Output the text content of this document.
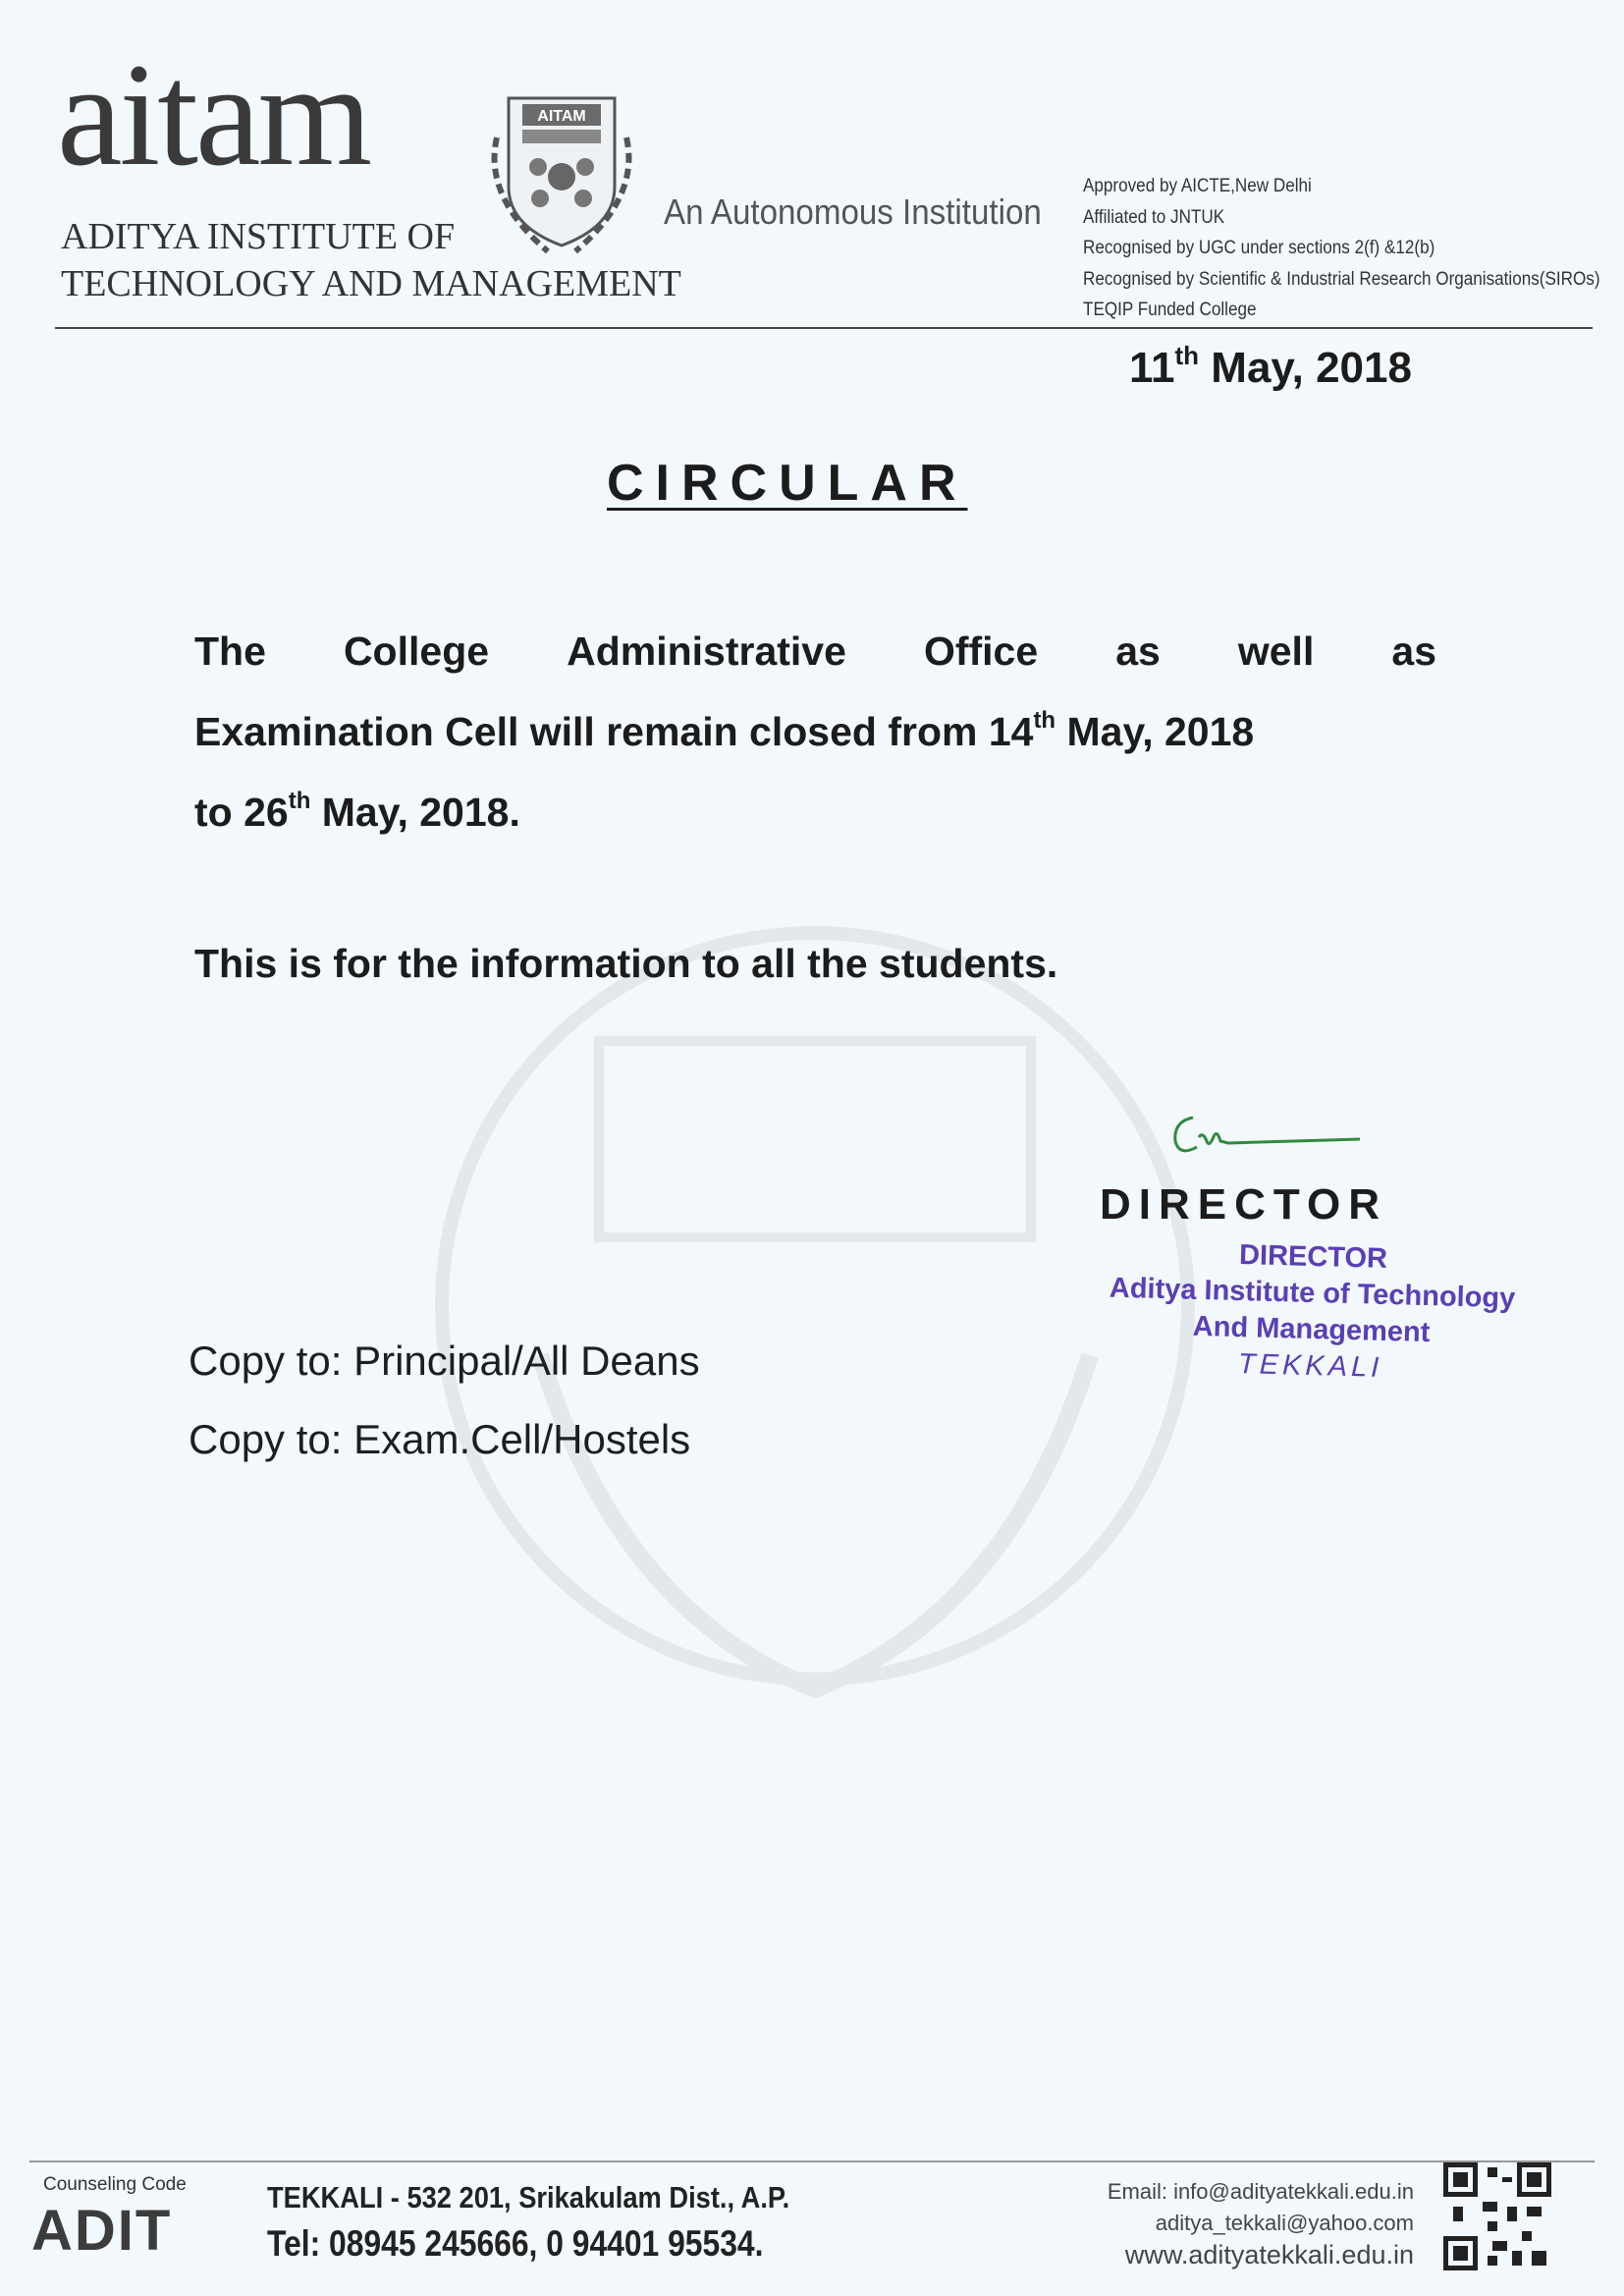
aitam
ADITYA INSTITUTE OF
TECHNOLOGY AND MANAGEMENT
AITAM
An Autonomous Institution
Approved by AICTE,New Delhi
Affiliated to JNTUK
Recognised by UGC under sections 2(f) &12(b)
Recognised by Scientific & Industrial Research Organisations(SIROs)
TEQIP Funded College
11th May, 2018
CIRCULAR
The College Administrative Office as well as
Examination Cell will remain closed from 14th May, 2018
to 26th May, 2018.
This is for the information to all the students.
DIRECTOR
DIRECTOR
Aditya Institute of Technology
And Management
TEKKALI
Copy to: Principal/All Deans
Copy to: Exam.Cell/Hostels
Counseling Code
ADIT
TEKKALI - 532 201, Srikakulam Dist., A.P.
Tel: 08945 245666, 0 94401 95534.
Email: info@adityatekkali.edu.in
aditya_tekkali@yahoo.com
www.adityatekkali.edu.in
